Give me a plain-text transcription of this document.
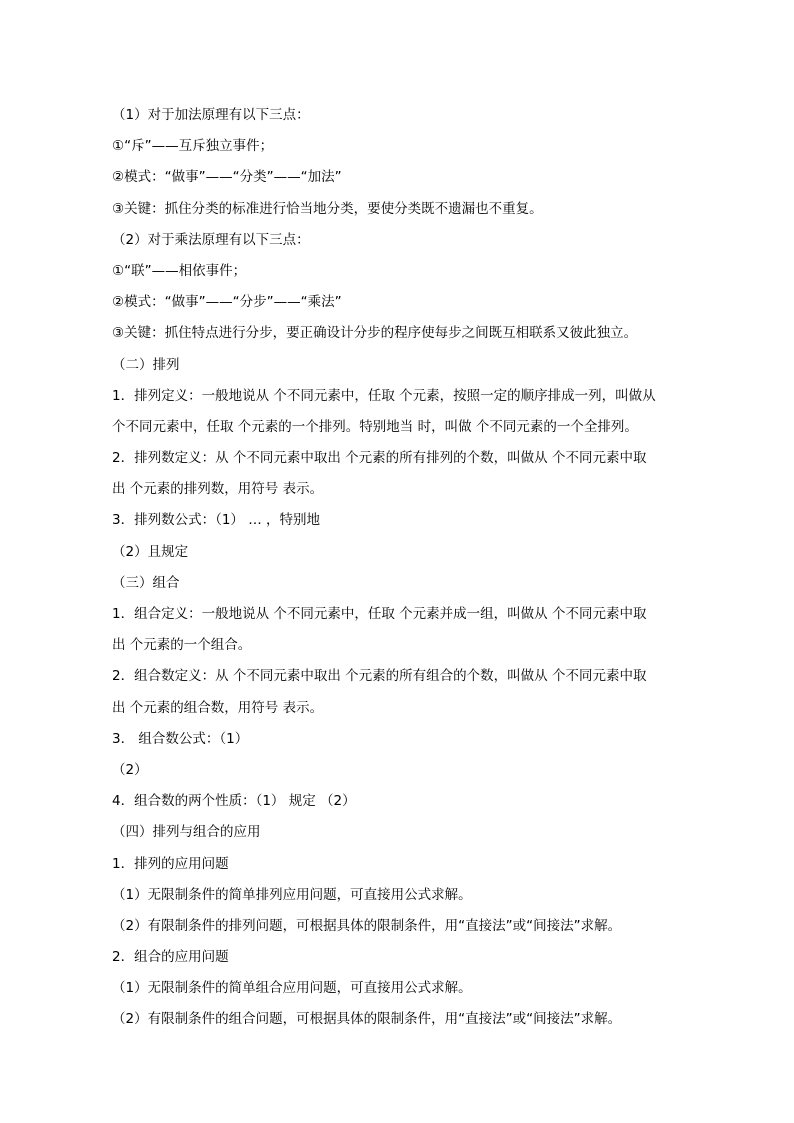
（1）对于加法原理有以下三点：
①“斥”——互斥独立事件；
②模式：“做事”——“分类”——“加法”
③关键：抓住分类的标准进行恰当地分类，要使分类既不遗漏也不重复。
（2）对于乘法原理有以下三点：
①“联”——相依事件；
②模式：“做事”——“分步”——“乘法”
③关键：抓住特点进行分步，要正确设计分步的程序使每步之间既互相联系又彼此独立。
（二）排列
1．排列定义：一般地说从 个不同元素中，任取 个元素，按照一定的顺序排成一列，叫做从
个不同元素中，任取 个元素的一个排列。特别地当 时，叫做 个不同元素的一个全排列。
2．排列数定义：从 个不同元素中取出 个元素的所有排列的个数，叫做从 个不同元素中取
出 个元素的排列数，用符号 表示。
3．排列数公式：（1） … ，特别地
（2）且规定
（三）组合
1．组合定义：一般地说从 个不同元素中，任取 个元素并成一组，叫做从 个不同元素中取
出 个元素的一个组合。
2．组合数定义：从 个不同元素中取出 个元素的所有组合的个数，叫做从 个不同元素中取
出 个元素的组合数，用符号 表示。
3． 组合数公式：（1）
（2）
4．组合数的两个性质：（1） 规定 （2）
（四）排列与组合的应用
1．排列的应用问题
（1）无限制条件的简单排列应用问题，可直接用公式求解。
（2）有限制条件的排列问题，可根据具体的限制条件，用“直接法”或“间接法”求解。
2．组合的应用问题
（1）无限制条件的简单组合应用问题，可直接用公式求解。
（2）有限制条件的组合问题，可根据具体的限制条件，用“直接法”或“间接法”求解。
